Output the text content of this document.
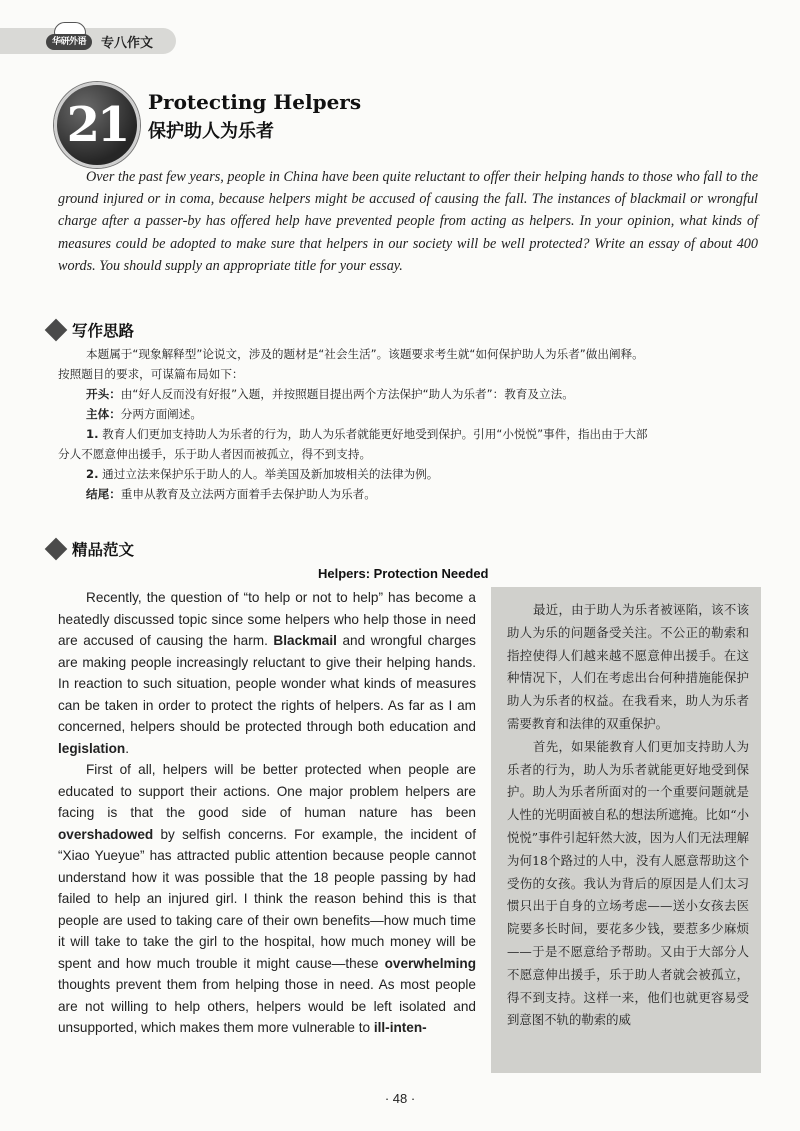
华研外语	专八作文
21	Protecting Helpers
保护助人为乐者

Over the past few years, people in China have been quite reluctant to offer their helping hands to those who fall to the ground injured or in coma, because helpers might be accused of causing the fall. The instances of blackmail or wrongful charge after a passer-by has offered help have prevented people from acting as helpers. In your opinion, what kinds of measures could be adopted to make sure that helpers in our society will be well protected? Write an essay of about 400 words. You should supply an appropriate title for your essay.

写作思路
本题属于“现象解释型”论说文，涉及的题材是“社会生活”。该题要求考生就“如何保护助人为乐者”做出阐释。
按照题目的要求，可谋篇布局如下：
开头：由“好人反而没有好报”入题，并按照题目提出两个方法保护“助人为乐者”：教育及立法。
主体：分两方面阐述。
1. 教育人们更加支持助人为乐者的行为，助人为乐者就能更好地受到保护。引用“小悦悦”事件，指出由于大部
分人不愿意伸出援手，乐于助人者因而被孤立，得不到支持。
2. 通过立法来保护乐于助人的人。举美国及新加坡相关的法律为例。
结尾：重申从教育及立法两方面着手去保护助人为乐者。
精品范文
Helpers: Protection Needed

Recently, the question of “to help or not to help” has become a heatedly discussed topic since some helpers who help those in need are accused of causing the harm. Blackmail and wrongful charges are making people increasingly reluctant to give their helping hands. In reaction to such situation, people wonder what kinds of measures can be taken in order to protect the rights of helpers. As far as I am concerned, helpers should be protected through both education and legislation.

First of all, helpers will be better protected when people are educated to support their actions. One major problem helpers are facing is that the good side of human nature has been overshadowed by selfish concerns. For example, the incident of “Xiao Yueyue” has attracted public attention because people cannot understand how it was possible that the 18 people passing by had failed to help an injured girl. I think the reason behind this is that people are used to taking care of their own benefits—how much time it will take to take the girl to the hospital, how much money will be spent and how much trouble it might cause—these overwhelming thoughts prevent them from helping those in need. As most people are not willing to help others, helpers would be left isolated and unsupported, which makes them more vulnerable to ill-inten-

最近，由于助人为乐者被诬陷，该不该助人为乐的问题备受关注。不公正的勒索和指控使得人们越来越不愿意伸出援手。在这种情况下，人们在考虑出台何种措施能保护助人为乐者的权益。在我看来，助人为乐者需要教育和法律的双重保护。

首先，如果能教育人们更加支持助人为乐者的行为，助人为乐者就能更好地受到保护。助人为乐者所面对的一个重要问题就是人性的光明面被自私的想法所遮掩。比如“小悦悦”事件引起轩然大波，因为人们无法理解为何18个路过的人中，没有人愿意帮助这个受伤的女孩。我认为背后的原因是人们太习惯只出于自身的立场考虑——送小女孩去医院要多长时间，要花多少钱，要惹多少麻烦——于是不愿意给予帮助。又由于大部分人不愿意伸出援手，乐于助人者就会被孤立，得不到支持。这样一来，他们也就更容易受到意图不轨的勒索的威

· 48 ·
